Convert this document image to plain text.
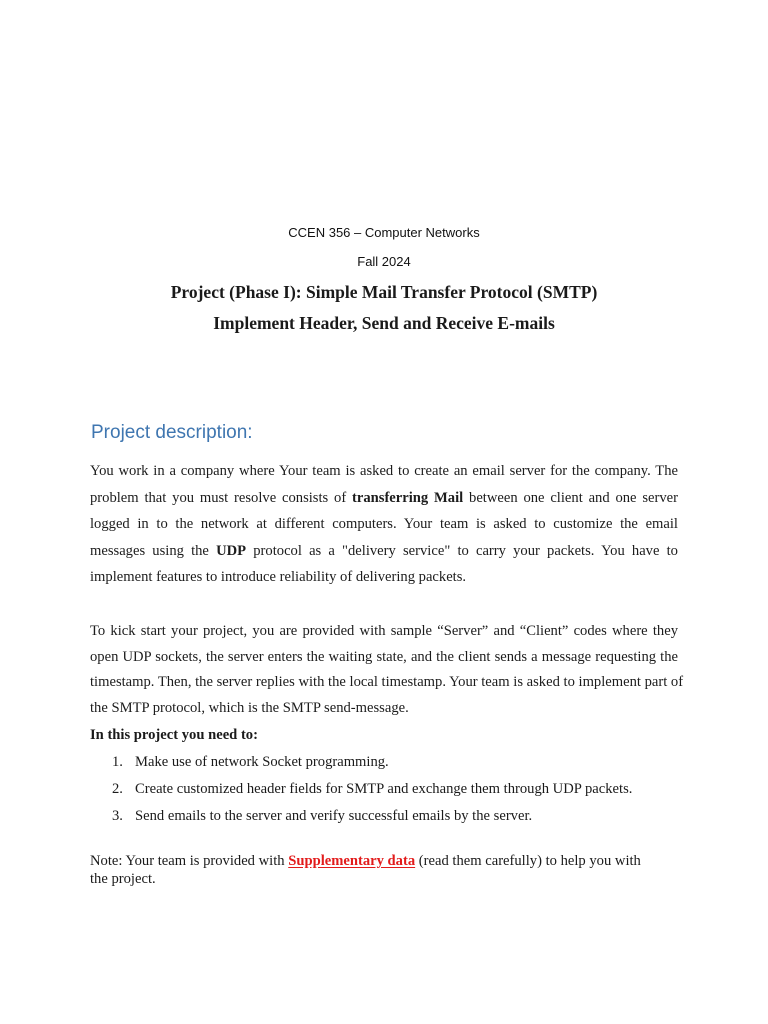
CCEN 356 – Computer Networks
Fall 2024
Project (Phase I): Simple Mail Transfer Protocol (SMTP)
Implement Header, Send and Receive E-mails
Project description:
You work in a company where Your team is asked to create an email server for the company. The
problem that you must resolve consists of transferring Mail between one client and one server
logged in to the network at different computers. Your team is asked to customize the email
messages using the UDP protocol as a "delivery service" to carry your packets. You have to
implement features to introduce reliability of delivering packets.
To kick start your project, you are provided with sample “Server” and “Client” codes where they
open UDP sockets, the server enters the waiting state, and the client sends a message requesting the
timestamp. Then, the server replies with the local timestamp. Your team is asked to implement part of
the SMTP protocol, which is the SMTP send-message.
In this project you need to:
1. Make use of network Socket programming.
2. Create customized header fields for SMTP and exchange them through UDP packets.
3. Send emails to the server and verify successful emails by the server.
Note: Your team is provided with Supplementary data (read them carefully) to help you with
the project.
